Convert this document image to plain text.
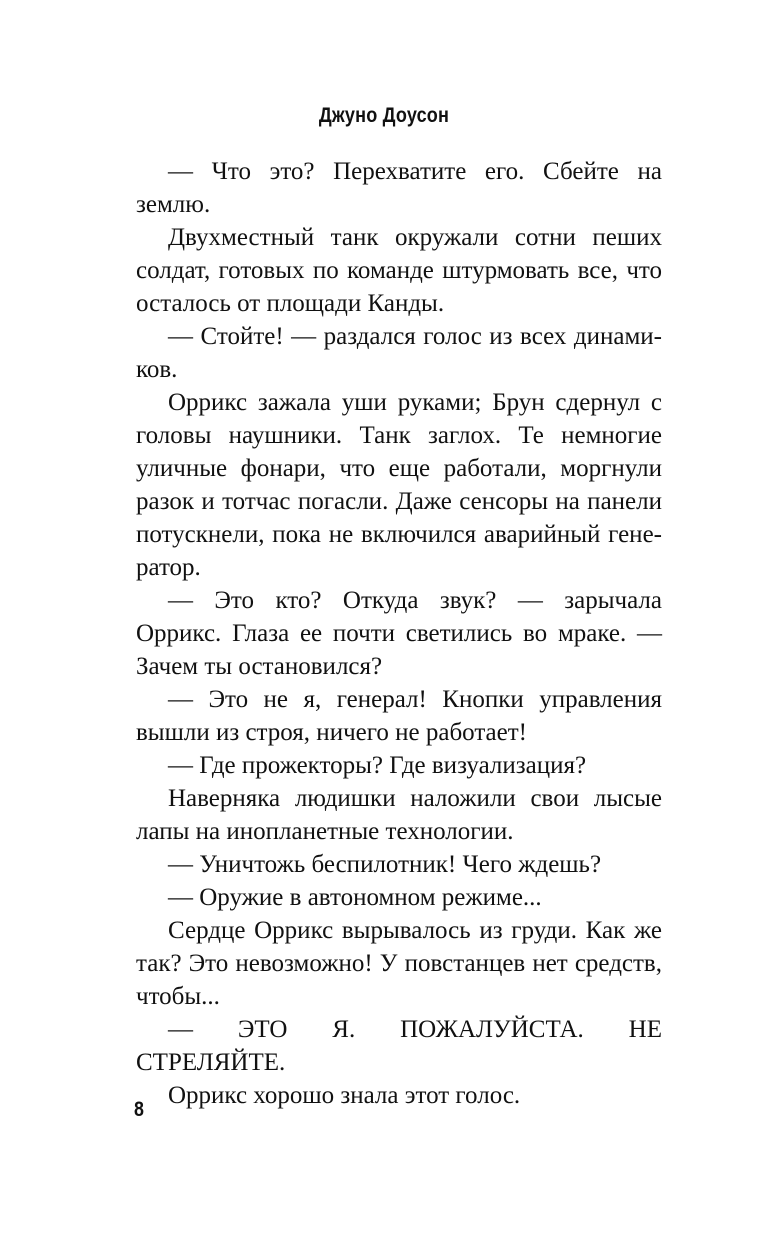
Джуно Доусон

— Что это? Перехватите его. Сбейте на землю.

Двухместный танк окружали сотни пеших солдат, готовых по команде штурмовать все, что осталось от площади Канды.

— Стойте! — раздался голос из всех динамиков.

Оррикс зажала уши руками; Брун сдернул с головы наушники. Танк заглох. Те немногие уличные фонари, что еще работали, моргнули разок и тотчас погасли. Даже сенсоры на панели потускнели, пока не включился аварийный генератор.

— Это кто? Откуда звук? — зарычала Оррикс. Глаза ее почти светились во мраке. — Зачем ты остановился?

— Это не я, генерал! Кнопки управления вышли из строя, ничего не работает!

— Где прожекторы? Где визуализация?

Наверняка людишки наложили свои лысые лапы на инопланетные технологии.

— Уничтожь беспилотник! Чего ждешь?

— Оружие в автономном режиме...

Сердце Оррикс вырывалось из груди. Как же так? Это невозможно! У повстанцев нет средств, чтобы...

— ЭТО Я. ПОЖАЛУЙСТА. НЕ СТРЕЛЯЙТЕ.

Оррикс хорошо знала этот голос.

8
